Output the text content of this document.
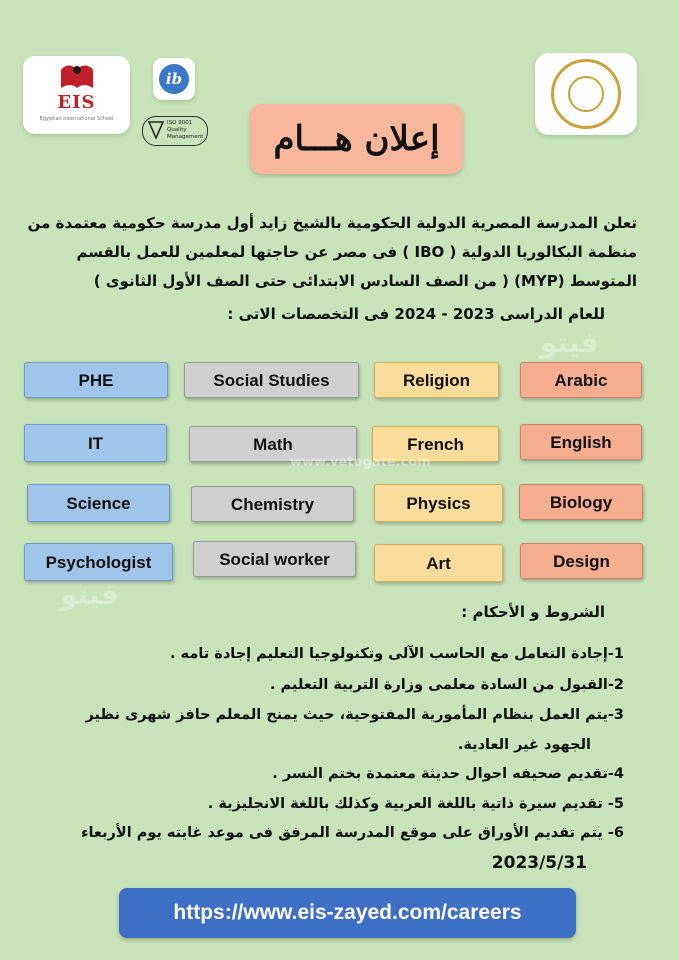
EIS
Egyptian International School
ib
ISO 9001 Quality Management	إعلان هـــام
تعلن المدرسة المصرية الدولية الحكومية بالشيخ زايد أول مدرسة حكومية معتمدة من
منظمة البكالوريا الدولية ( IBO ) فى مصر عن حاجتها لمعلمين للعمل بالقسم
المتوسط (MYP) ( من الصف السادس الابتدائى حتى الصف الأول الثانوى )
للعام الدراسى 2023 - 2024 فى التخصصات الاتى :
PHE	Social Studies	Religion	Arabic
IT	Math	French	English
Science	Chemistry	Physics	Biology
Psychologist	Social worker	Art	Design
فيتو
www.vetogate.com
فيتو
الشروط و الأحكام :
1-إجادة التعامل مع الحاسب الآلى وتكنولوجيا التعليم إجادة تامه .
2-القبول من السادة معلمى وزارة التربية التعليم .
3-يتم العمل بنظام المأمورية المفتوحية، حيث يمنح المعلم حافز شهرى نظير
الجهود غير العادية.
4-تقديم صحيفه احوال حديثة معتمدة بختم النسر .
5- تقديم سيرة ذاتية باللغة العربية وكذلك باللغة الانجليزية .
6- يتم تقديم الأوراق على موقع المدرسة المرفق فى موعد غايته يوم الأربعاء
2023/5/31
https://www.eis-zayed.com/careers
